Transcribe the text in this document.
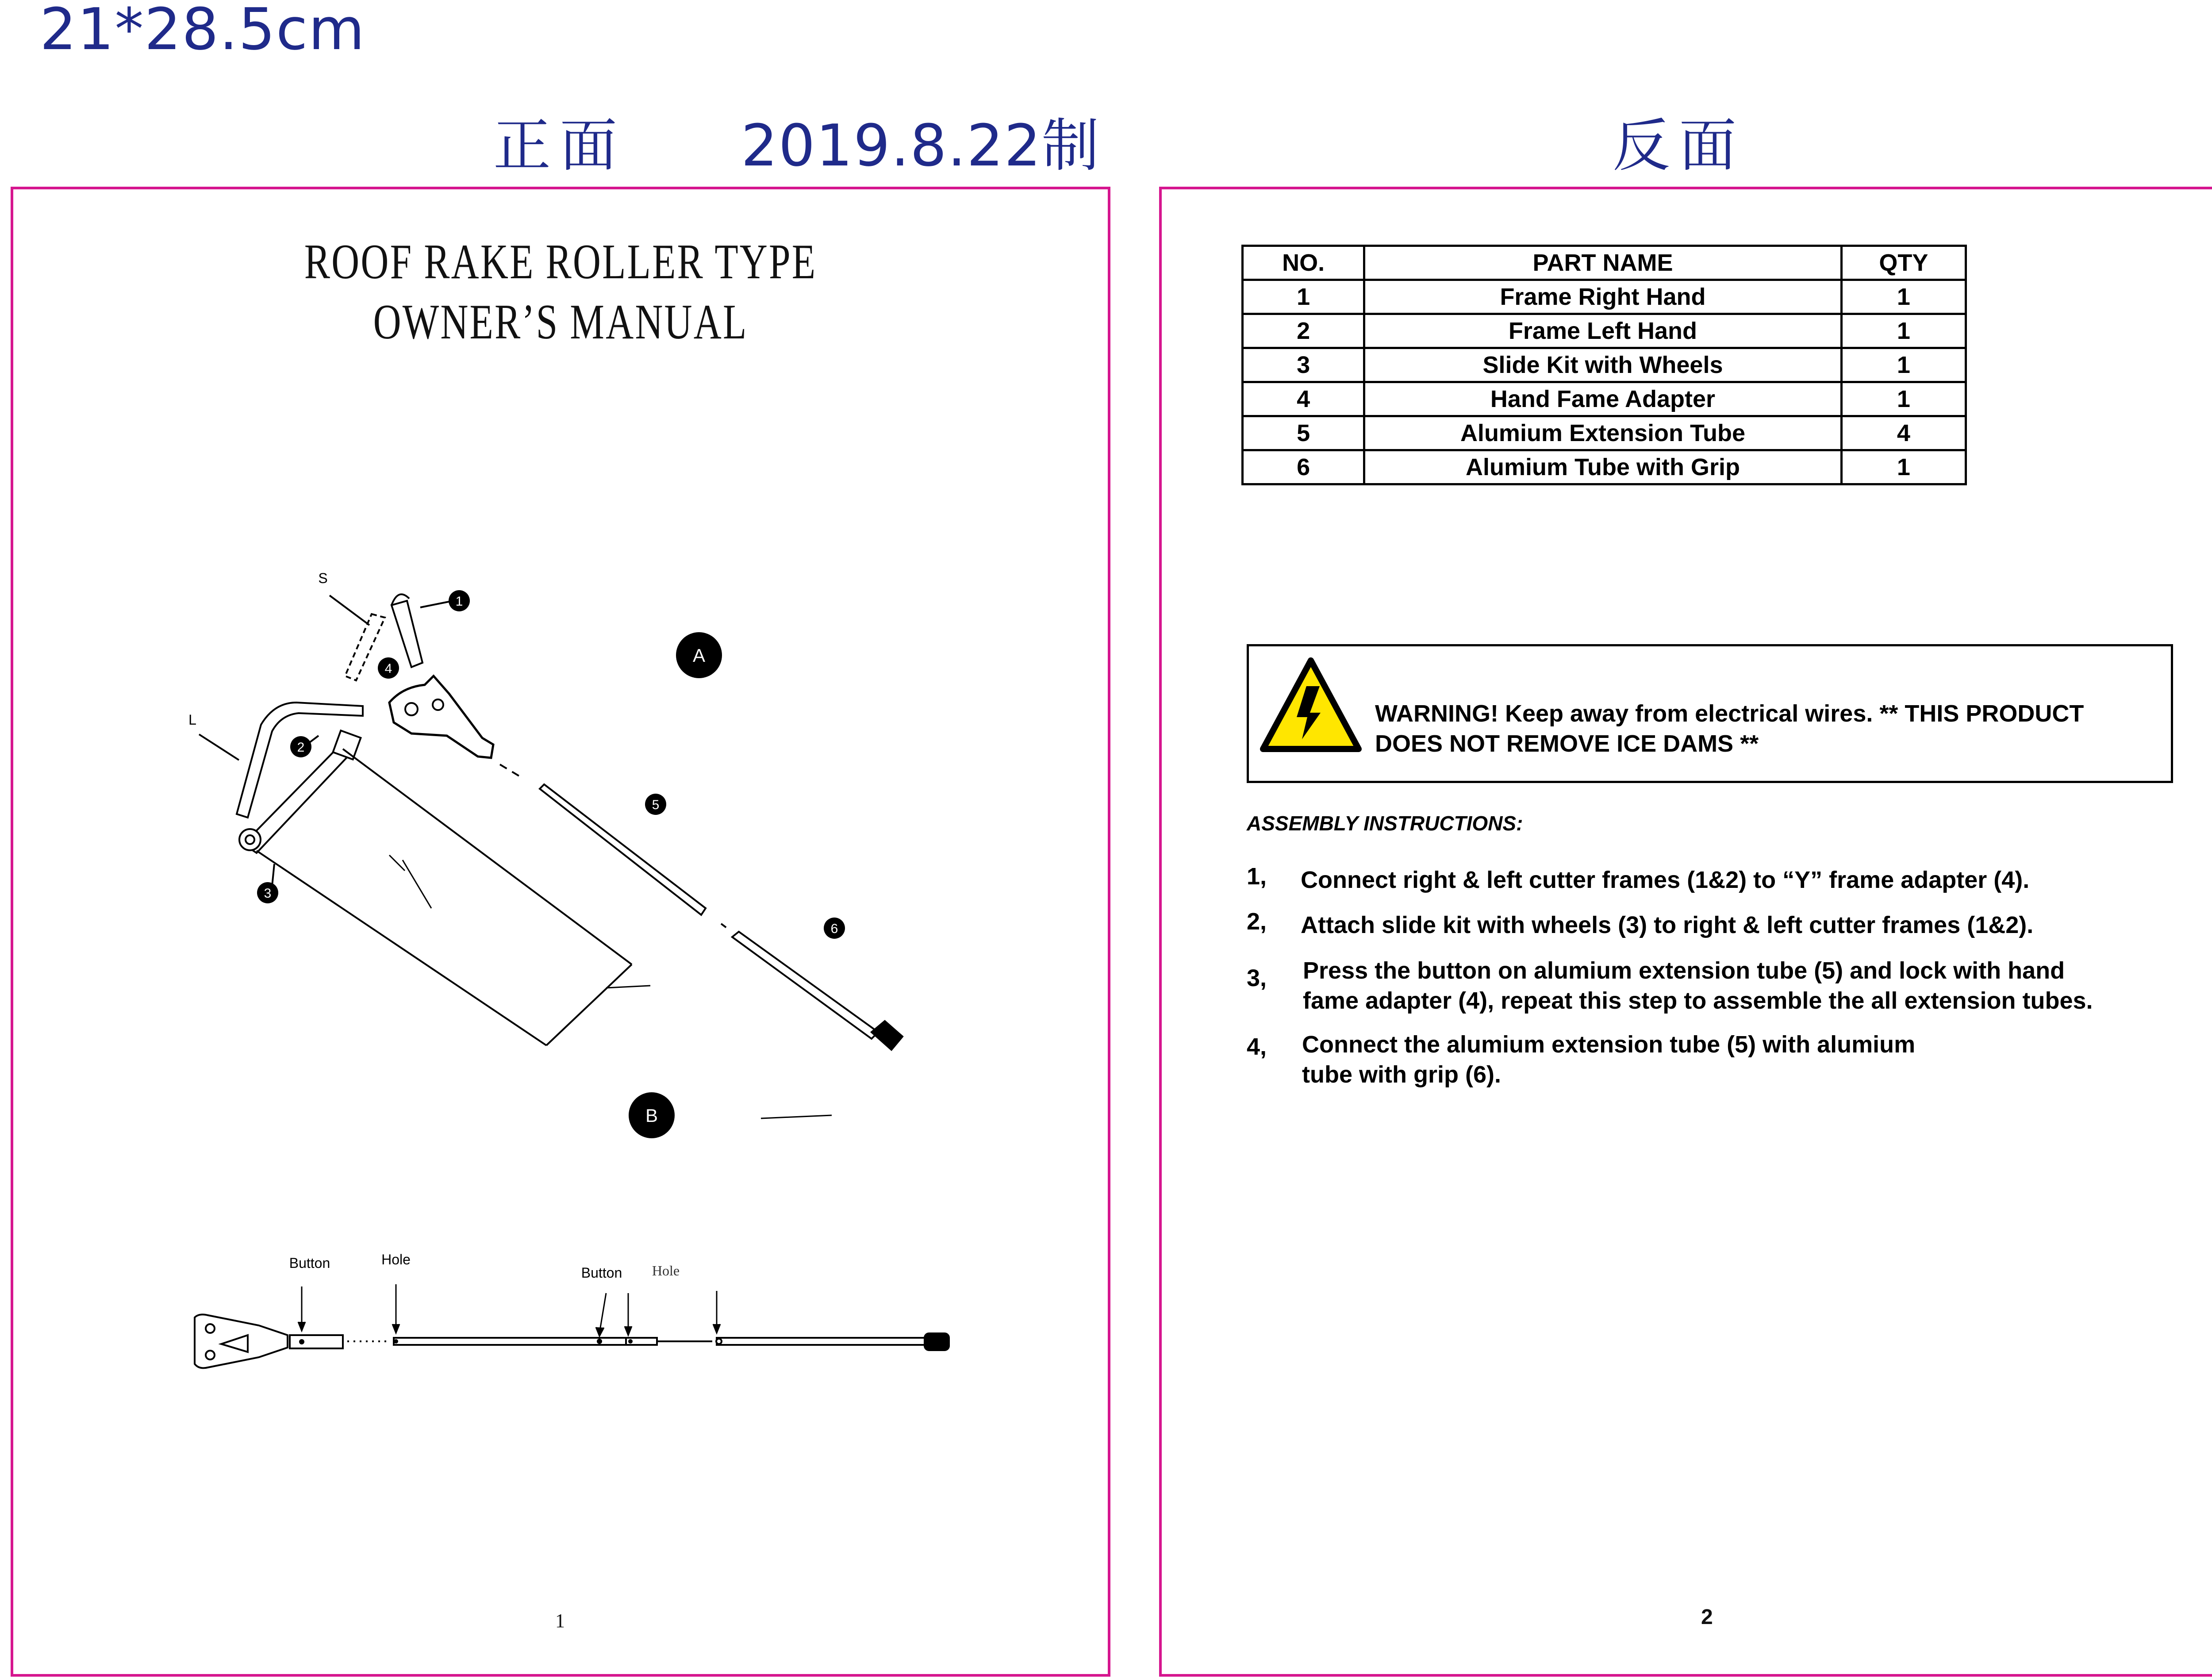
21*28.5cm
正面 2019.8.22制	反面
ROOF RAKE ROLLER TYPE
OWNER’S MANUAL
1
2
3
4
5
6
S
L
A
B
Button	Hole
Button Hole
1
NO.	PART NAME	QTY
1	Frame Right Hand	1
2	Frame Left Hand	1
3	Slide Kit with Wheels	1
4	Hand Fame Adapter	1
5	Alumium Extension Tube	4
6	Alumium Tube with Grip	1
WARNING! Keep away from electrical wires. ** THIS PRODUCT
DOES NOT REMOVE ICE DAMS **
ASSEMBLY INSTRUCTIONS:
1, Connect right & left cutter frames (1&2) to “Y” frame adapter (4).
2, Attach slide kit with wheels (3) to right & left cutter frames (1&2).
3, Press the button on alumium extension tube (5) and lock with hand
fame adapter (4), repeat this step to assemble the all extension tubes.
4, Connect the alumium extension tube (5) with alumium
tube with grip (6).
2
